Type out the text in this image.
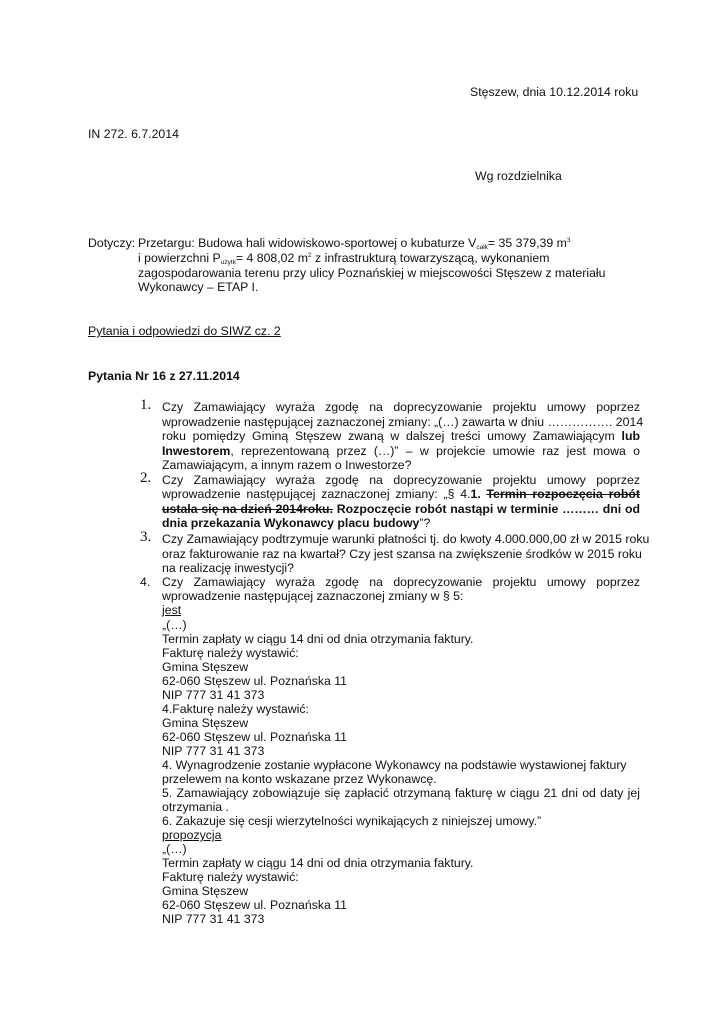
Stęszew, dnia 10.12.2014 roku
IN 272. 6.7.2014
Wg rozdzielnika
Dotyczy: Przetargu: Budowa hali widowiskowo-sportowej o kubaturze $V_{całk}= 35$ 379,39 $m^3$
i powierzchni $P_{użytk}= 4$ 808,02 $m^2$ z infrastrukturą towarzyszącą, wykonaniem
zagospodarowania terenu przy ulicy Poznańskiej w miejscowości Stęszew z materiału
Wykonawcy – ETAP I.
Pytania i odpowiedzi do SIWZ cz. 2
Pytania Nr 16 z 27.11.2014
1. Czy Zamawiający wyraża zgodę na doprecyzowanie projektu umowy poprzez
wprowadzenie następującej zaznaczonej zmiany: „(…) zawarta w dniu ……………. 2014
roku pomiędzy Gminą Stęszew zwaną w dalszej treści umowy Zamawiającym lub
Inwestorem, reprezentowaną przez (…)” – w projekcie umowie raz jest mowa o
Zamawiającym, a innym razem o Inwestorze?
2. Czy Zamawiający wyraża zgodę na doprecyzowanie projektu umowy poprzez
wprowadzenie następującej zaznaczonej zmiany: „§ 4.1. Termin rozpoczęcia robót
ustala się na dzień 2014roku. Rozpoczęcie robót nastąpi w terminie ……… dni od
dnia przekazania Wykonawcy placu budowy”?
3. Czy Zamawiający podtrzymuje warunki płatności tj. do kwoty 4.000.000,00 zł w 2015 roku
oraz fakturowanie raz na kwartał? Czy jest szansa na zwiększenie środków w 2015 roku
na realizację inwestycji?
4. Czy Zamawiający wyraża zgodę na doprecyzowanie projektu umowy poprzez
wprowadzenie następującej zaznaczonej zmiany w § 5:
jest
„(…)
Termin zapłaty w ciągu 14 dni od dnia otrzymania faktury.
Fakturę należy wystawić:
Gmina Stęszew
62-060 Stęszew ul. Poznańska 11
NIP 777 31 41 373
4.Fakturę należy wystawić:
Gmina Stęszew
62-060 Stęszew ul. Poznańska 11
NIP 777 31 41 373
4. Wynagrodzenie zostanie wypłacone Wykonawcy na podstawie wystawionej faktury
przelewem na konto wskazane przez Wykonawcę.
5. Zamawiający zobowiązuje się zapłacić otrzymaną fakturę w ciągu 21 dni od daty jej
otrzymania .
6. Zakazuje się cesji wierzytelności wynikających z niniejszej umowy.”
propozycja
„(…)
Termin zapłaty w ciągu 14 dni od dnia otrzymania faktury.
Fakturę należy wystawić:
Gmina Stęszew
62-060 Stęszew ul. Poznańska 11
NIP 777 31 41 373
